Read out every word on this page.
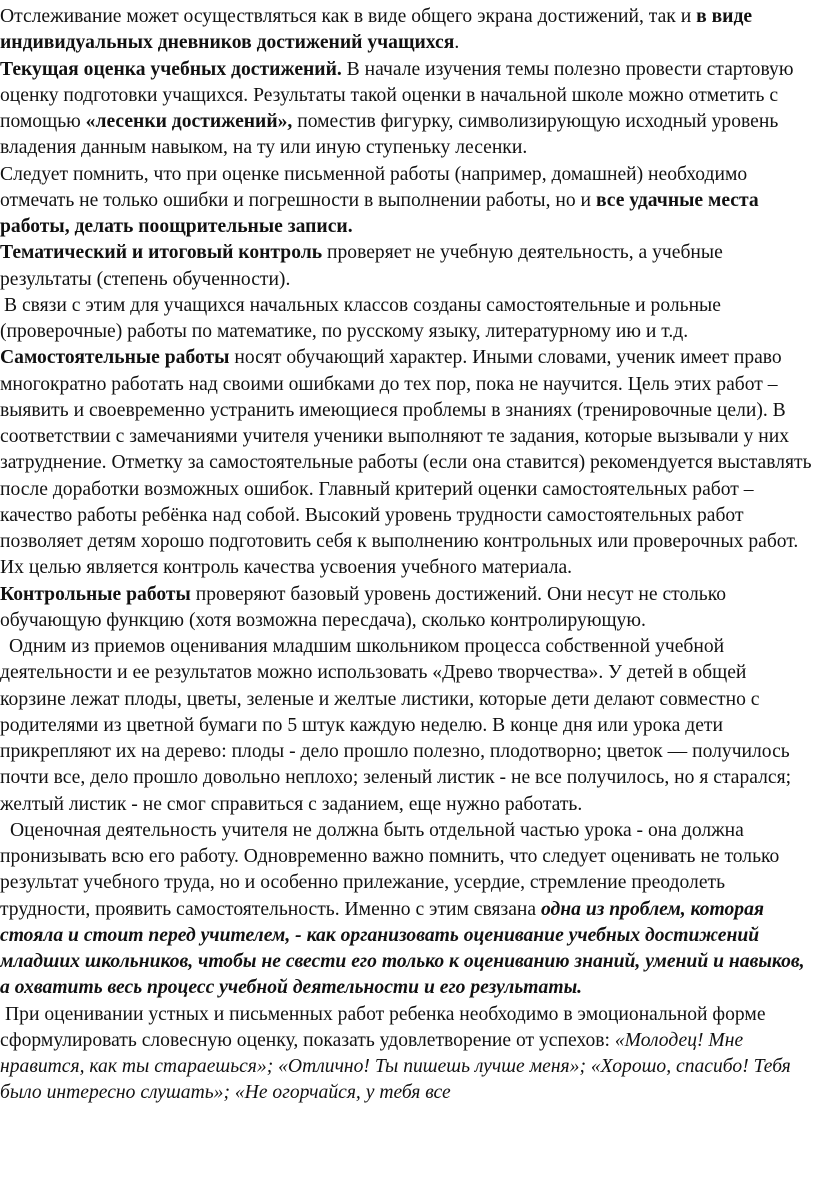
Отслеживание может осуществляться как в виде общего экрана достижений, так и в виде индивидуальных дневников достижений учащихся.

Текущая оценка учебных достижений. В начале изучения темы полезно провести стартовую оценку подготовки учащихся. Результаты такой оценки в начальной школе можно отметить с помощью «лесенки достижений», поместив фигурку, символизирующую исходный уровень владения данным навыком, на ту или иную ступеньку лесенки.

Следует помнить, что при оценке письменной работы (например, домашней) необходимо отмечать не только ошибки и погрешности в выполнении работы, но и все удачные места работы, делать поощрительные записи.

Тематический и итоговый контроль проверяет не учебную деятельность, а учебные результаты (степень обученности).

В связи с этим для учащихся начальных классов созданы самостоятельные и рольные (проверочные) работы по математике, по русскому языку, литературному ию и т.д.

Самостоятельные работы носят обучающий характер. Иными словами, ученик имеет право многократно работать над своими ошибками до тех пор, пока не научится. Цель этих работ – выявить и своевременно устранить имеющиеся проблемы в знаниях (тренировочные цели). В соответствии с замечаниями учителя ученики выполняют те задания, которые вызывали у них затруднение. Отметку за самостоятельные работы (если она ставится) рекомендуется выставлять после доработки возможных ошибок. Главный критерий оценки самостоятельных работ – качество работы ребёнка над собой. Высокий уровень трудности самостоятельных работ позволяет детям хорошо подготовить себя к выполнению контрольных или проверочных работ. Их целью является контроль качества усвоения учебного материала.

Контрольные работы проверяют базовый уровень достижений. Они несут не столько обучающую функцию (хотя возможна пересдача), сколько контролирующую.

Одним из приемов оценивания младшим школьником процесса собственной учебной деятельности и ее результатов можно использовать «Древо творчества». У детей в общей корзине лежат плоды, цветы, зеленые и желтые листики, которые дети делают совместно с родителями из цветной бумаги по 5 штук каждую неделю. В конце дня или урока дети прикрепляют их на дерево: плоды - дело прошло полезно, плодотворно; цветок — получилось почти все, дело прошло довольно неплохо; зеленый листик - не все получилось, но я старался; желтый листик - не смог справиться с заданием, еще нужно работать.

Оценочная деятельность учителя не должна быть отдельной частью урока - она должна пронизывать всю его работу. Одновременно важно помнить, что следует оценивать не только результат учебного труда, но и особенно прилежание, усердие, стремление преодолеть трудности, проявить самостоятельность. Именно с этим связана одна из проблем, которая стояла и стоит перед учителем, - как организовать оценивание учебных достижений младших школьников, чтобы не свести его только к оцениванию знаний, умений и навыков, а охватить весь процесс учебной деятельности и его результаты.

При оценивании устных и письменных работ ребенка необходимо в эмоциональной форме сформулировать словесную оценку, показать удовлетворение от успехов: «Молодец! Мне нравится, как ты стараешься»; «Отлично! Ты пишешь лучше меня»; «Хорошо, спасибо! Тебя было интересно слушать»; «Не огорчайся, у тебя все
